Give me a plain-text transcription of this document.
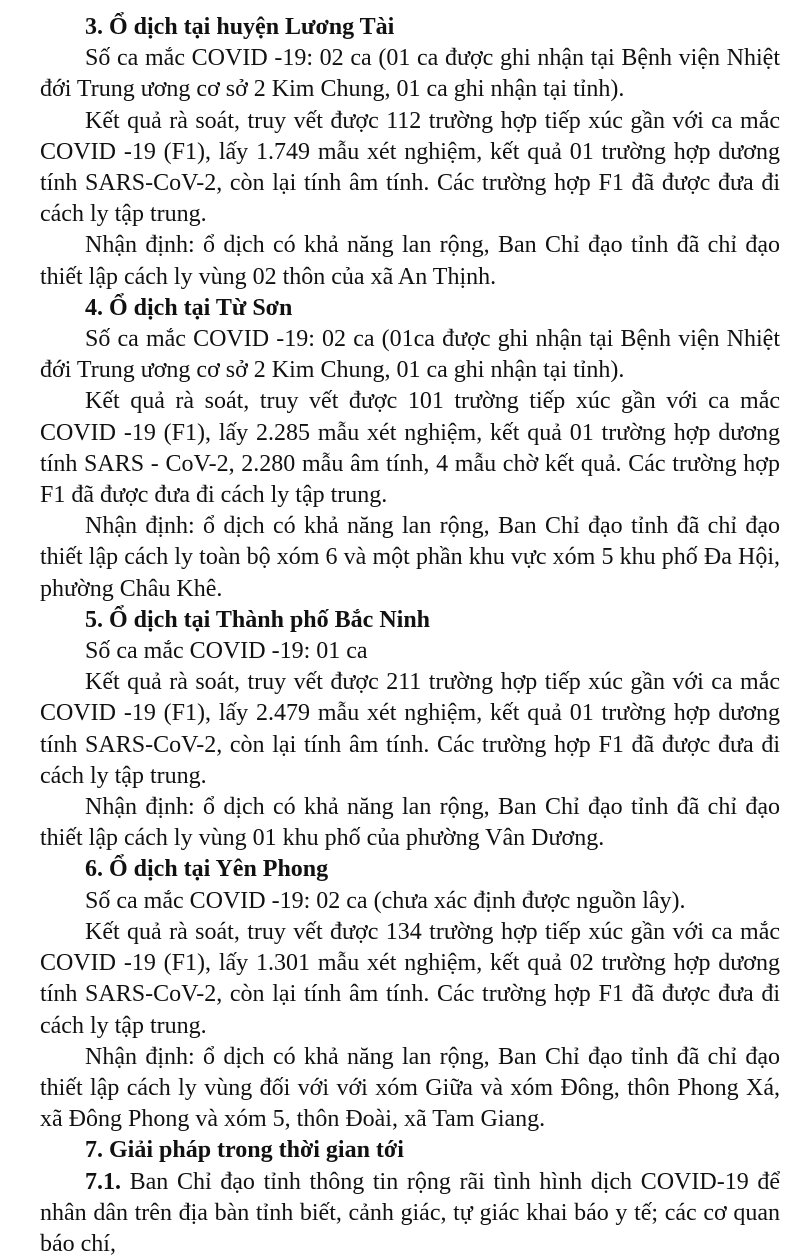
3. Ổ dịch tại huyện Lương Tài

Số ca mắc COVID -19: 02 ca (01 ca được ghi nhận tại Bệnh viện Nhiệt đới Trung ương cơ sở 2 Kim Chung, 01 ca ghi nhận tại tỉnh).

Kết quả rà soát, truy vết được 112 trường hợp tiếp xúc gần với ca mắc COVID -19 (F1), lấy 1.749 mẫu xét nghiệm, kết quả 01 trường hợp dương tính SARS-CoV-2, còn lại tính âm tính. Các trường hợp F1 đã được đưa đi cách ly tập trung.

Nhận định: ổ dịch có khả năng lan rộng, Ban Chỉ đạo tỉnh đã chỉ đạo thiết lập cách ly vùng 02 thôn của xã An Thịnh.

4. Ổ dịch tại Từ Sơn

Số ca mắc COVID -19: 02 ca (01ca được ghi nhận tại Bệnh viện Nhiệt đới Trung ương cơ sở 2 Kim Chung, 01 ca ghi nhận tại tỉnh).

Kết quả rà soát, truy vết được 101 trường tiếp xúc gần với ca mắc COVID -19 (F1), lấy 2.285 mẫu xét nghiệm, kết quả 01 trường hợp dương tính SARS - CoV-2, 2.280 mẫu âm tính, 4 mẫu chờ kết quả. Các trường hợp F1 đã được đưa đi cách ly tập trung.

Nhận định: ổ dịch có khả năng lan rộng, Ban Chỉ đạo tỉnh đã chỉ đạo thiết lập cách ly toàn bộ xóm 6 và một phần khu vực xóm 5 khu phố Đa Hội, phường Châu Khê.

5. Ổ dịch tại Thành phố Bắc Ninh

Số ca mắc COVID -19: 01 ca

Kết quả rà soát, truy vết được 211 trường hợp tiếp xúc gần với ca mắc COVID -19 (F1), lấy 2.479 mẫu xét nghiệm, kết quả 01 trường hợp dương tính SARS-CoV-2, còn lại tính âm tính. Các trường hợp F1 đã được đưa đi cách ly tập trung.

Nhận định: ổ dịch có khả năng lan rộng, Ban Chỉ đạo tỉnh đã chỉ đạo thiết lập cách ly vùng 01 khu phố của phường Vân Dương.

6. Ổ dịch tại Yên Phong

Số ca mắc COVID -19: 02 ca (chưa xác định được nguồn lây).

Kết quả rà soát, truy vết được 134 trường hợp tiếp xúc gần với ca mắc COVID -19 (F1), lấy 1.301 mẫu xét nghiệm, kết quả 02 trường hợp dương tính SARS-CoV-2, còn lại tính âm tính. Các trường hợp F1 đã được đưa đi cách ly tập trung.

Nhận định: ổ dịch có khả năng lan rộng, Ban Chỉ đạo tỉnh đã chỉ đạo thiết lập cách ly vùng đối với với xóm Giữa và xóm Đông, thôn Phong Xá, xã Đông Phong và xóm 5, thôn Đoài, xã Tam Giang.

7. Giải pháp trong thời gian tới

7.1. Ban Chỉ đạo tỉnh thông tin rộng rãi tình hình dịch COVID-19 để nhân dân trên địa bàn tỉnh biết, cảnh giác, tự giác khai báo y tế; các cơ quan báo chí,
